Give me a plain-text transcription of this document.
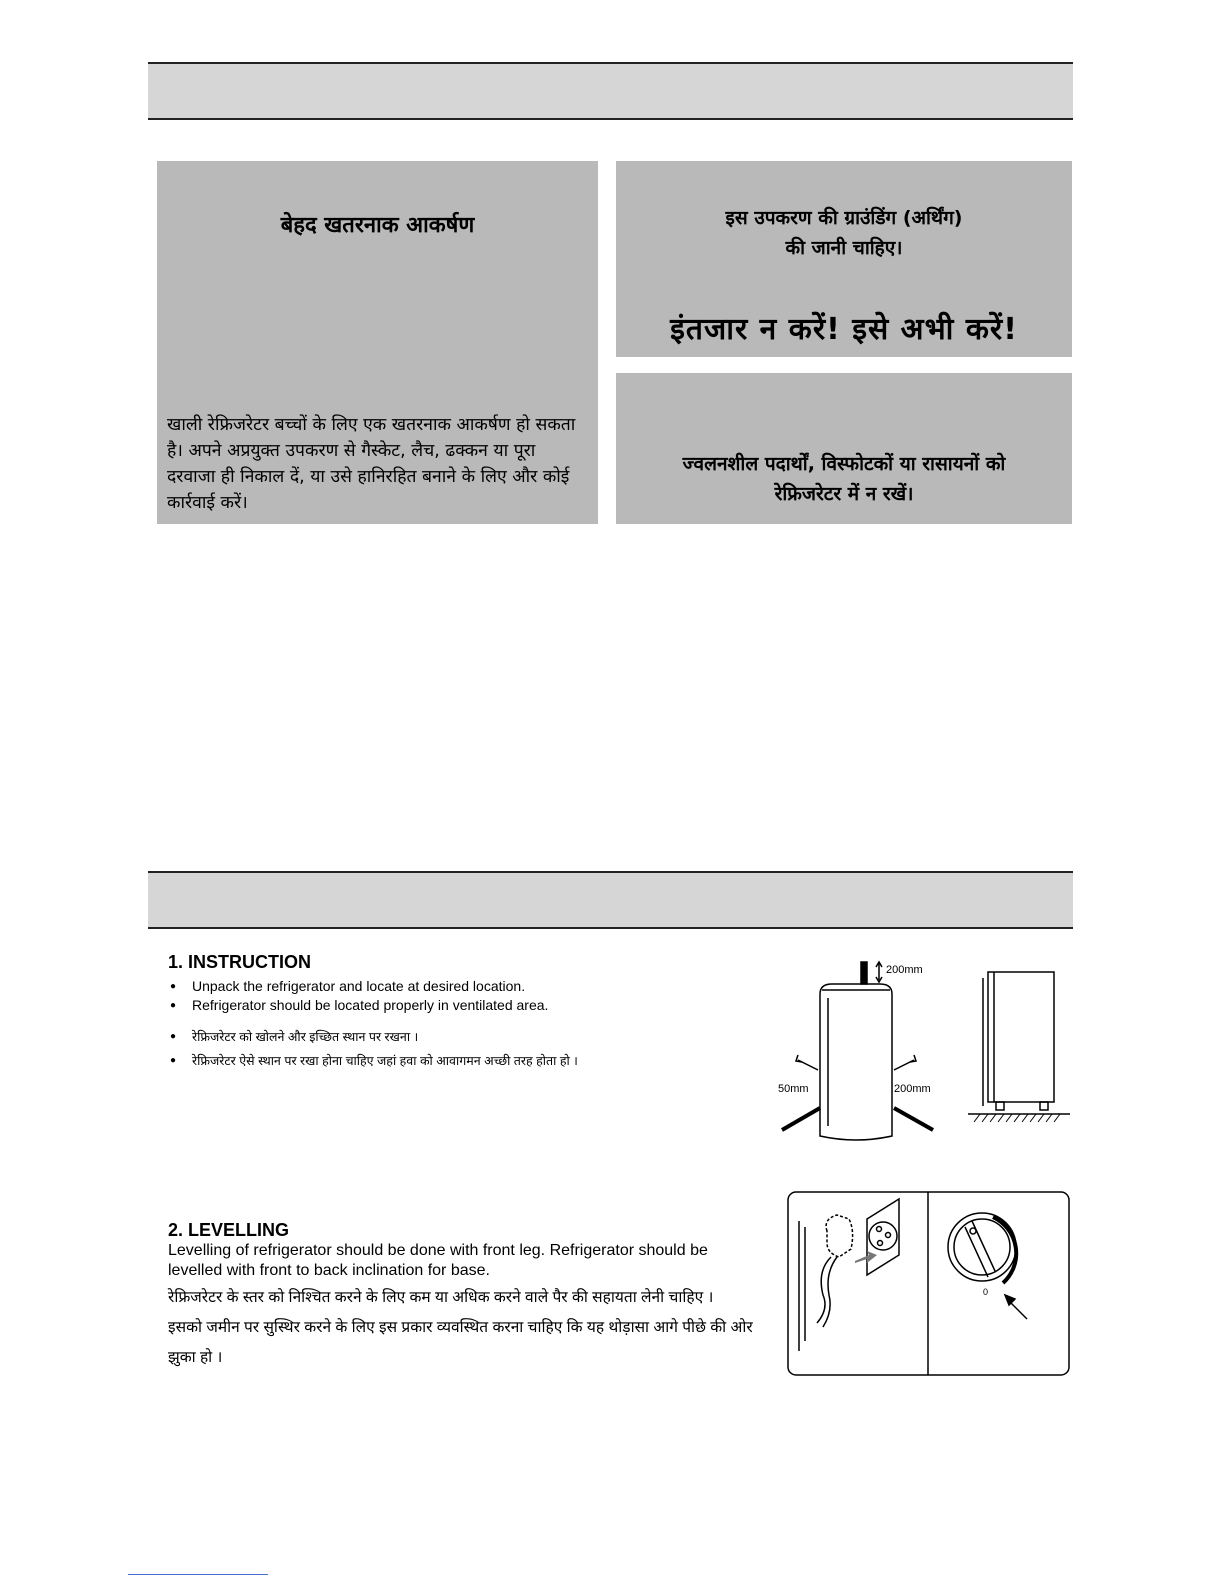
बेहद खतरनाक आकर्षण
खाली रेफ्रिजरेटर बच्चों के लिए एक खतरनाक आकर्षण हो सकता है। अपने अप्रयुक्त उपकरण से गैस्केट, लैच, ढक्कन या पूरा दरवाजा ही निकाल दें, या उसे हानिरहित बनाने के लिए और कोई कार्रवाई करें।
इस उपकरण की ग्राउंडिंग (अर्थिंग)
की जानी चाहिए।
इंतजार न करें! इसे अभी करें!
ज्वलनशील पदार्थों, विस्फोटकों या रासायनों को
रेफ्रिजरेटर में न रखें।
1. INSTRUCTION
● Unpack the refrigerator and locate at desired location.
● Refrigerator should be located properly in ventilated area.
● रेफ्रिजरेटर को खोलने और इच्छित स्थान पर रखना ।
● रेफ्रिजरेटर ऐसे स्थान पर रखा होना चाहिए जहां हवा को आवागमन अच्छी तरह होता हो ।
200mm
50mm	200mm
2. LEVELLING
Levelling of refrigerator should be done with front leg. Refrigerator should be levelled with front to back inclination for base.
रेफ्रिजरेटर के स्तर को निश्चित करने के लिए कम या अधिक करने वाले पैर की सहायता लेनी चाहिए ।
इसको जमीन पर सुस्थिर करने के लिए इस प्रकार व्यवस्थित करना चाहिए कि यह थोड़ासा आगे पीछे की ओर झुका हो ।
0
